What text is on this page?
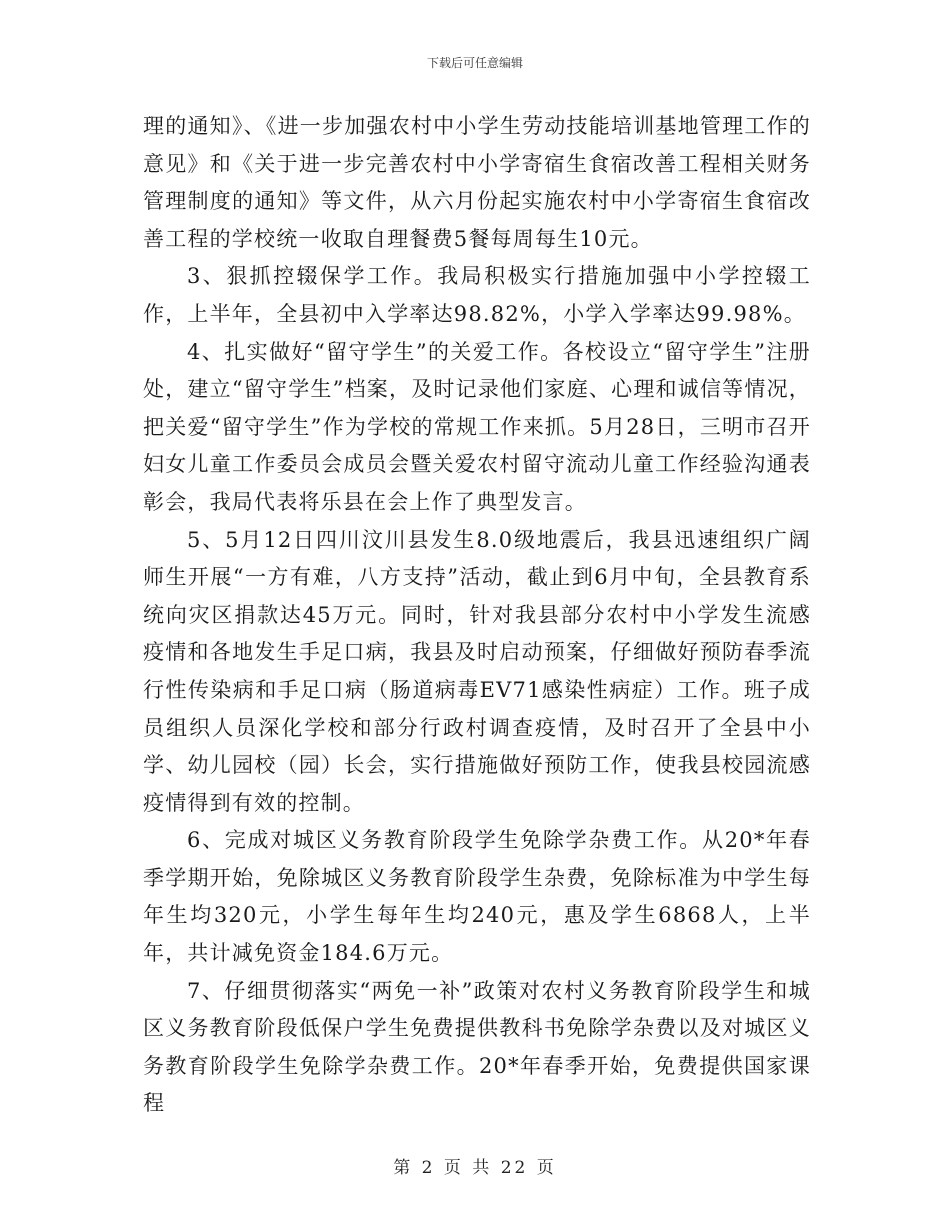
下载后可任意编辑

理的通知》、《进一步加强农村中小学生劳动技能培训基地管理工作的意见》和《关于进一步完善农村中小学寄宿生食宿改善工程相关财务管理制度的通知》等文件，从六月份起实施农村中小学寄宿生食宿改善工程的学校统一收取自理餐费5餐每周每生10元。

3、狠抓控辍保学工作。我局积极实行措施加强中小学控辍工作，上半年，全县初中入学率达98.82%，小学入学率达99.98%。

4、扎实做好“留守学生”的关爱工作。各校设立“留守学生”注册处，建立“留守学生”档案，及时记录他们家庭、心理和诚信等情况，把关爱“留守学生”作为学校的常规工作来抓。5月28日，三明市召开妇女儿童工作委员会成员会暨关爱农村留守流动儿童工作经验沟通表彰会，我局代表将乐县在会上作了典型发言。

5、5月12日四川汶川县发生8.0级地震后，我县迅速组织广阔师生开展“一方有难，八方支持”活动，截止到6月中旬，全县教育系统向灾区捐款达45万元。同时，针对我县部分农村中小学发生流感疫情和各地发生手足口病，我县及时启动预案，仔细做好预防春季流行性传染病和手足口病（肠道病毒EV71感染性病症）工作。班子成员组织人员深化学校和部分行政村调查疫情，及时召开了全县中小学、幼儿园校（园）长会，实行措施做好预防工作，使我县校园流感疫情得到有效的控制。

6、完成对城区义务教育阶段学生免除学杂费工作。从20*年春季学期开始，免除城区义务教育阶段学生杂费，免除标准为中学生每年生均320元，小学生每年生均240元，惠及学生6868人，上半年，共计减免资金184.6万元。

7、仔细贯彻落实“两免一补”政策对农村义务教育阶段学生和城区义务教育阶段低保户学生免费提供教科书免除学杂费以及对城区义务教育阶段学生免除学杂费工作。20*年春季开始，免费提供国家课程

第 2 页 共 22 页
